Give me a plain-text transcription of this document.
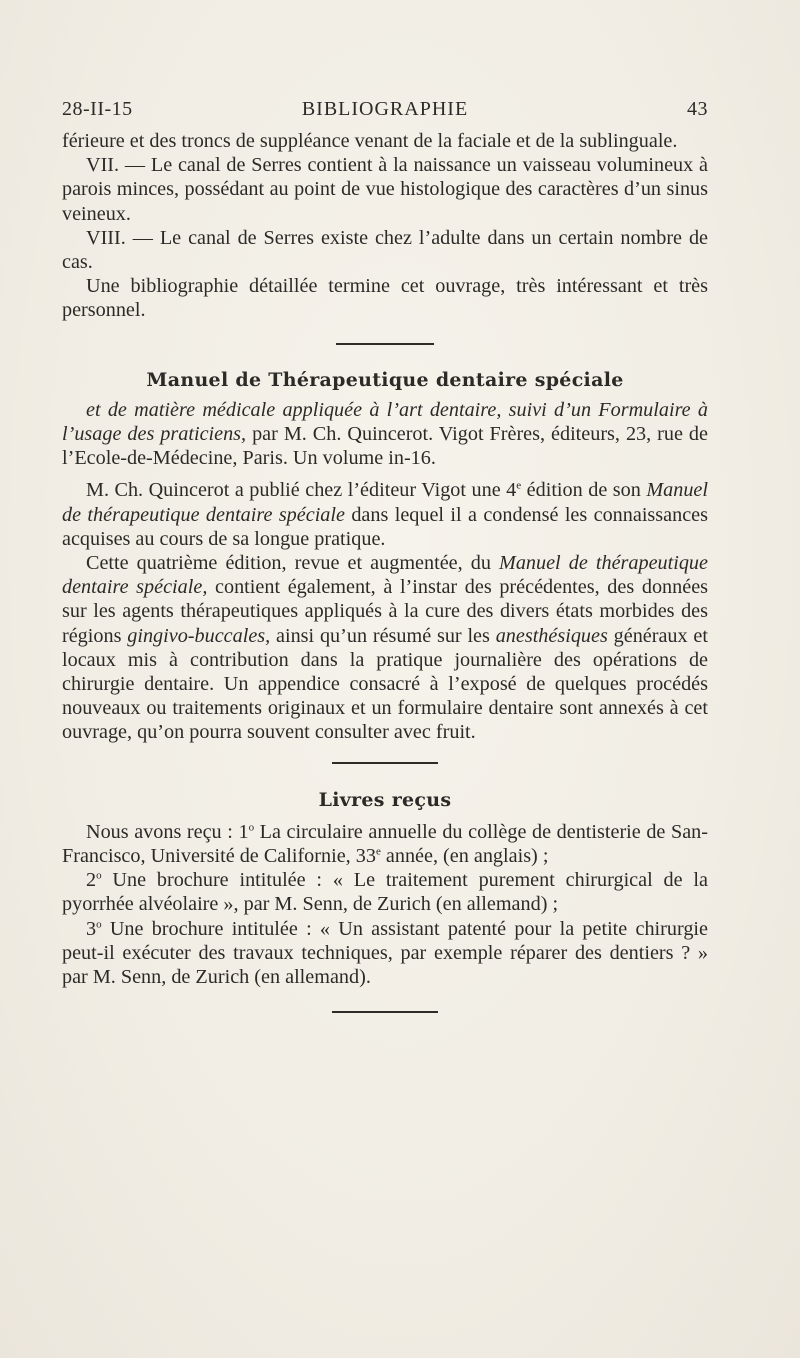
28-II-15	BIBLIOGRAPHIE	43

férieure et des troncs de suppléance venant de la faciale et de la sublinguale.

VII. — Le canal de Serres contient à la naissance un vaisseau volumineux à parois minces, possédant au point de vue histologique des caractères d’un sinus veineux.

VIII. — Le canal de Serres existe chez l’adulte dans un certain nombre de cas.

Une bibliographie détaillée termine cet ouvrage, très intéressant et très personnel.

Manuel de Thérapeutique dentaire spéciale

et de matière médicale appliquée à l’art dentaire, suivi d’un Formulaire à l’usage des praticiens, par M. Ch. Quincerot. Vigot Frères, éditeurs, 23, rue de l’Ecole-de-Médecine, Paris. Un volume in-16.

M. Ch. Quincerot a publié chez l’éditeur Vigot une 4e édition de son Manuel de thérapeutique dentaire spéciale dans lequel il a condensé les connaissances acquises au cours de sa longue pratique.

Cette quatrième édition, revue et augmentée, du Manuel de thérapeutique dentaire spéciale, contient également, à l’instar des précédentes, des données sur les agents thérapeutiques appliqués à la cure des divers états morbides des régions gingivo-buccales, ainsi qu’un résumé sur les anesthésiques généraux et locaux mis à contribution dans la pratique journalière des opérations de chirurgie dentaire. Un appendice consacré à l’exposé de quelques procédés nouveaux ou traitements originaux et un formulaire dentaire sont annexés à cet ouvrage, qu’on pourra souvent consulter avec fruit.

Livres reçus

Nous avons reçu : 1$^o$ La circulaire annuelle du collège de dentisterie de San-Francisco, Université de Californie, 33e année, (en anglais) ;

2$^o$ Une brochure intitulée : « Le traitement purement chirurgical de la pyorrhée alvéolaire », par M. Senn, de Zurich (en allemand) ;

3$^o$ Une brochure intitulée : « Un assistant patenté pour la petite chirurgie peut-il exécuter des travaux techniques, par exemple réparer des dentiers ? » par M. Senn, de Zurich (en allemand).
